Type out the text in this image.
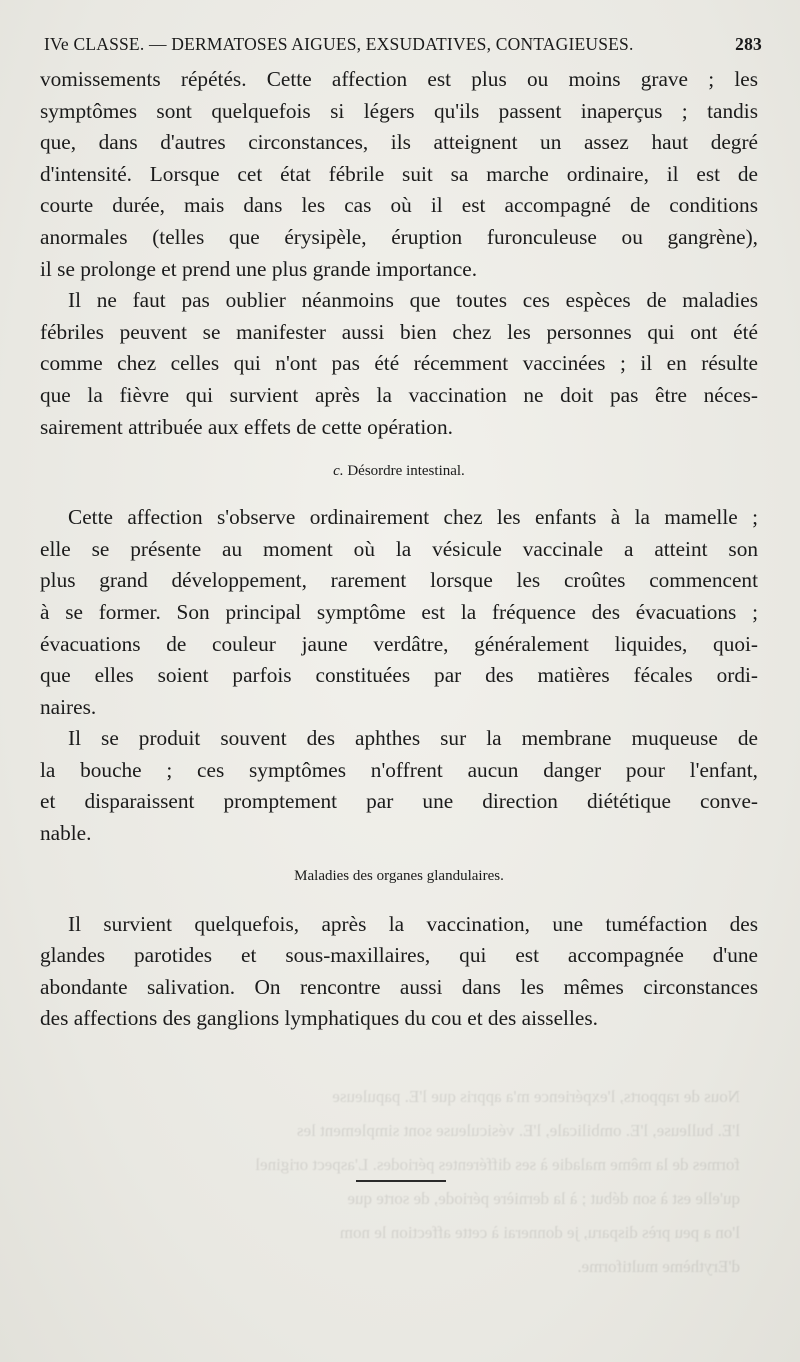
Nous de rapports, l'expérience m'a appris que l'E. papuleuse
l'E. bulleuse, l'E. ombilicale, l'E. vésiculeuse sont simplement les
formes de la même maladie à ses différentes périodes. L'aspect originel
qu'elle est à son début ; à la dernière période, de sorte que
l'on a peu près disparu, je donnerai à cette affection le nom
d'Erythème multiforme.
IVe CLASSE. — DERMATOSES AIGUES, EXSUDATIVES, CONTAGIEUSES.	283
vomissements répétés. Cette affection est plus ou moins grave ; les
symptômes sont quelquefois si légers qu'ils passent inaperçus ; tandis
que, dans d'autres circonstances, ils atteignent un assez haut degré
d'intensité. Lorsque cet état fébrile suit sa marche ordinaire, il est de
courte durée, mais dans les cas où il est accompagné de conditions
anormales (telles que érysipèle, éruption furonculeuse ou gangrène),
il se prolonge et prend une plus grande importance.
Il ne faut pas oublier néanmoins que toutes ces espèces de maladies
fébriles peuvent se manifester aussi bien chez les personnes qui ont été
comme chez celles qui n'ont pas été récemment vaccinées ; il en résulte
que la fièvre qui survient après la vaccination ne doit pas être néces-
sairement attribuée aux effets de cette opération.
c. Désordre intestinal.
Cette affection s'observe ordinairement chez les enfants à la mamelle ;
elle se présente au moment où la vésicule vaccinale a atteint son
plus grand développement, rarement lorsque les croûtes commencent
à se former. Son principal symptôme est la fréquence des évacuations ;
évacuations de couleur jaune verdâtre, généralement liquides, quoi-
que elles soient parfois constituées par des matières fécales ordi-
naires.
Il se produit souvent des aphthes sur la membrane muqueuse de
la bouche ; ces symptômes n'offrent aucun danger pour l'enfant,
et disparaissent promptement par une direction diététique conve-
nable.
Maladies des organes glandulaires.
Il survient quelquefois, après la vaccination, une tuméfaction des
glandes parotides et sous-maxillaires, qui est accompagnée d'une
abondante salivation. On rencontre aussi dans les mêmes circonstances
des affections des ganglions lymphatiques du cou et des aisselles.
